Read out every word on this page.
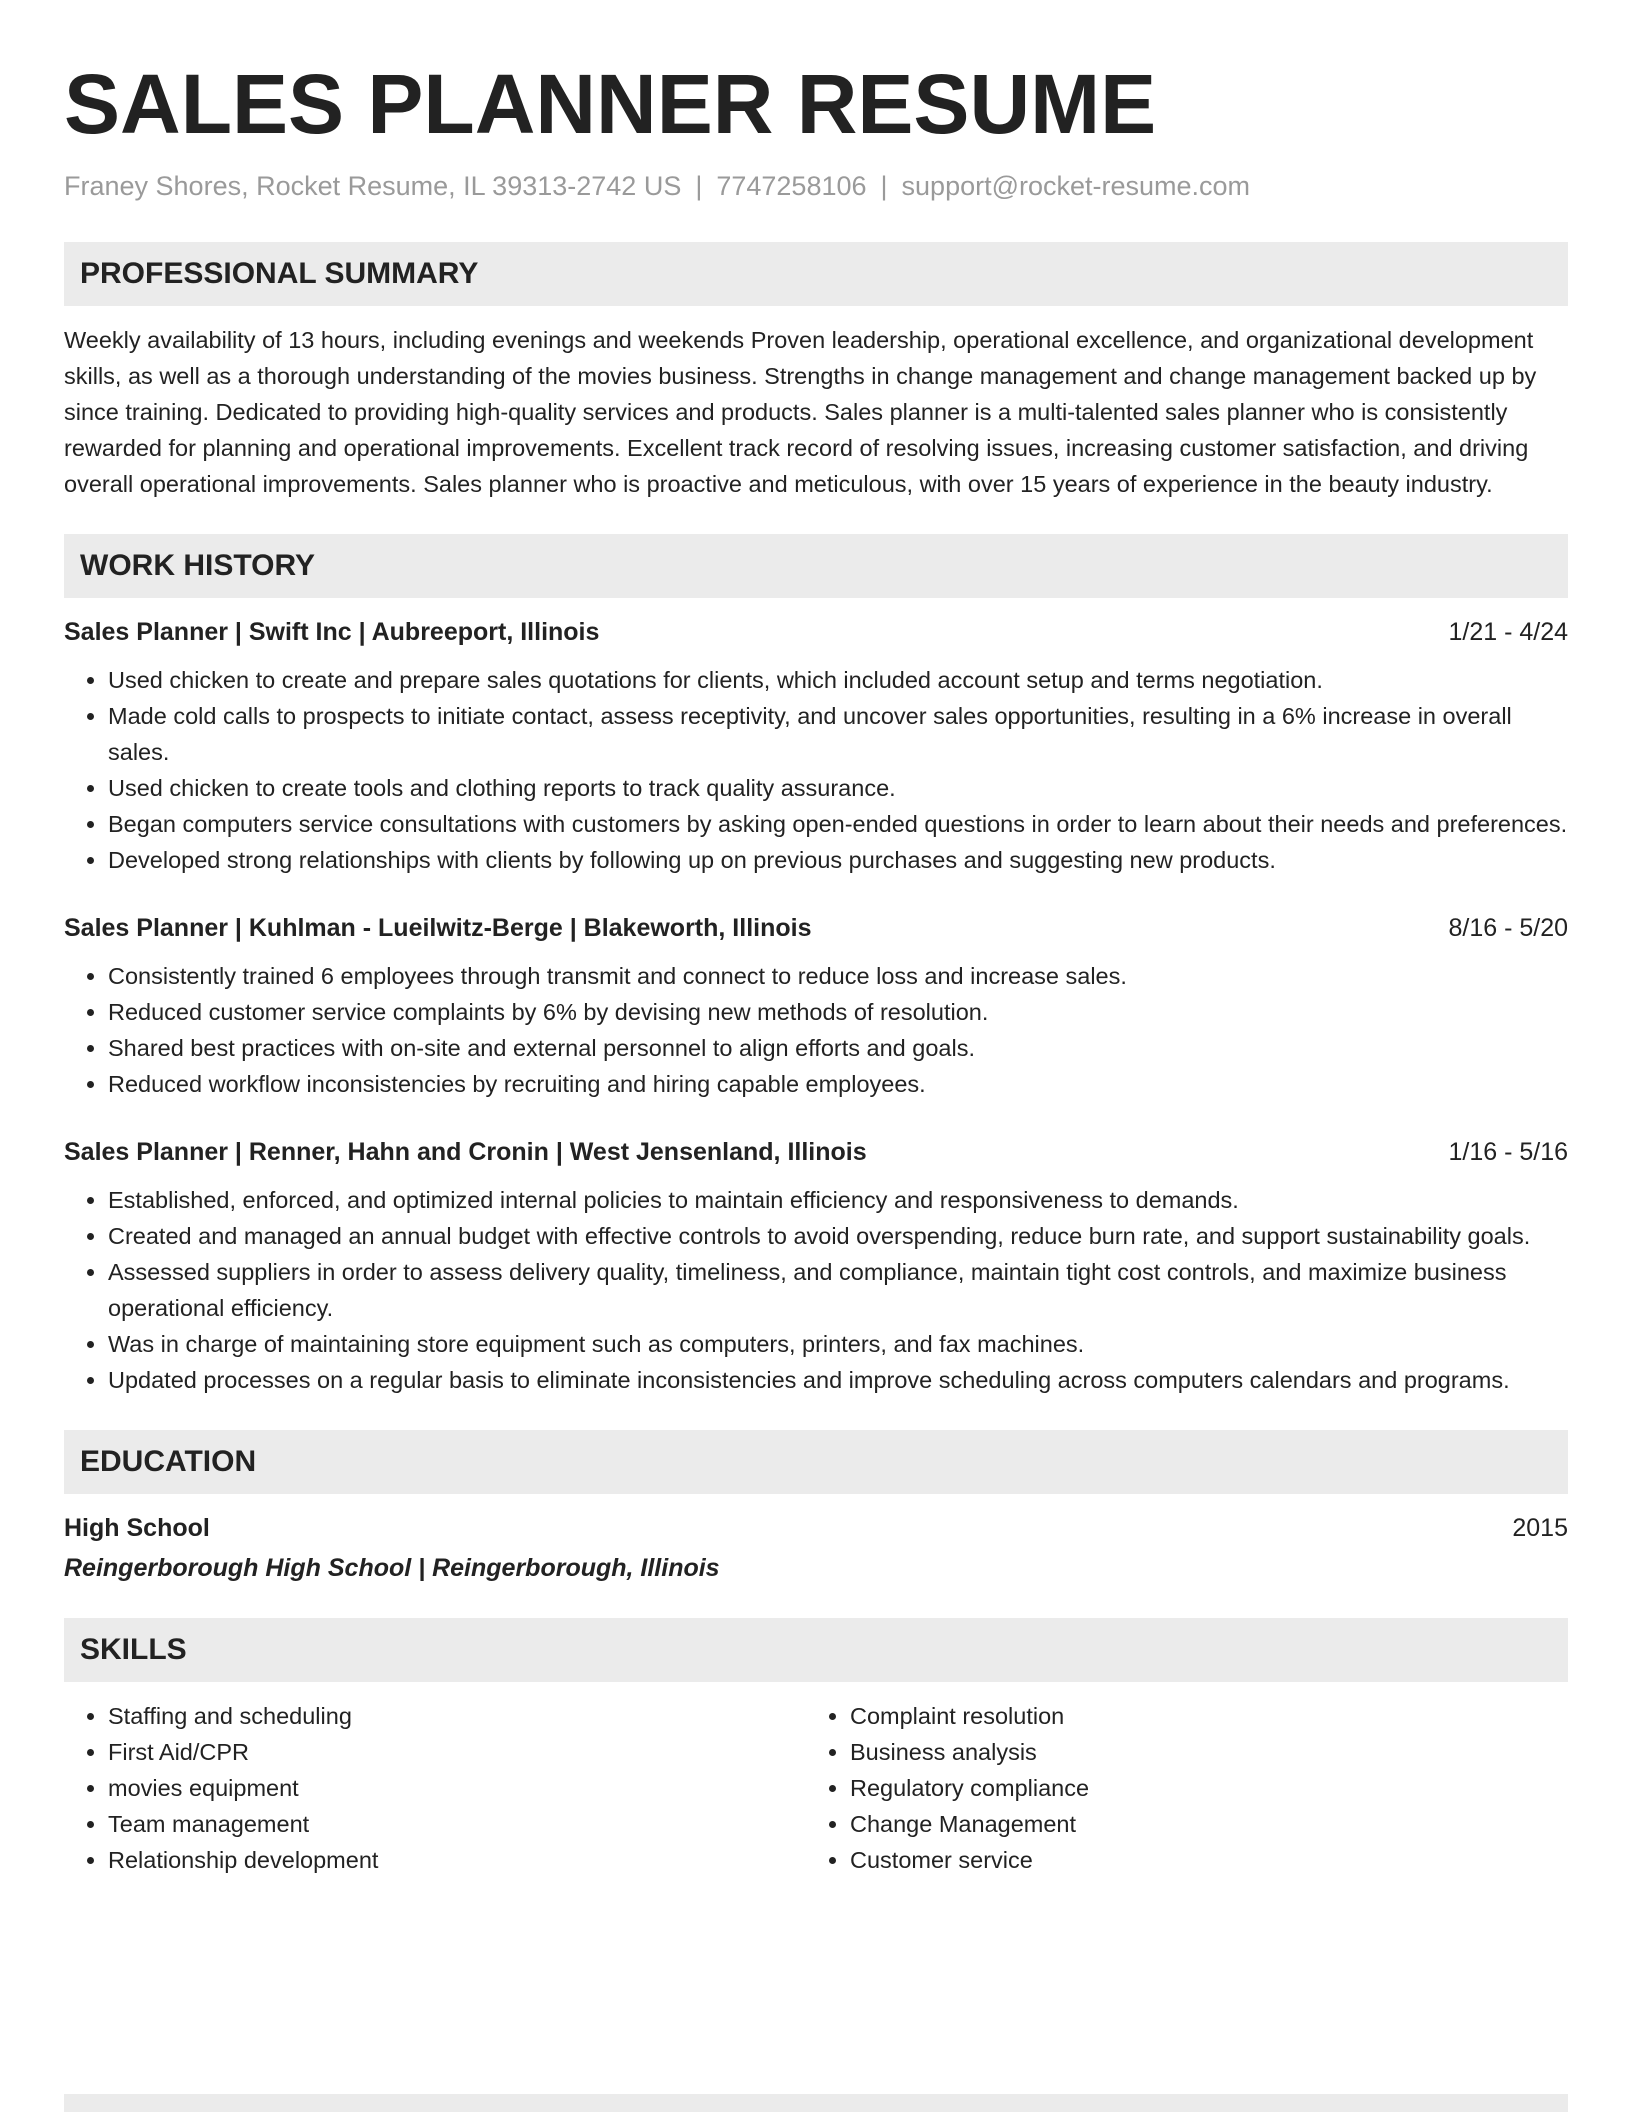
SALES PLANNER RESUME
Franey Shores, Rocket Resume, IL 39313-2742 US | 7747258106 | support@rocket-resume.com
PROFESSIONAL SUMMARY

Weekly availability of 13 hours, including evenings and weekends Proven leadership, operational excellence, and organizational development skills, as well as a thorough understanding of the movies business. Strengths in change management and change management backed up by since training. Dedicated to providing high-quality services and products. Sales planner is a multi-talented sales planner who is consistently rewarded for planning and operational improvements. Excellent track record of resolving issues, increasing customer satisfaction, and driving overall operational improvements. Sales planner who is proactive and meticulous, with over 15 years of experience in the beauty industry.

WORK HISTORY
Sales Planner | Swift Inc | Aubreeport, Illinois	1/21 - 4/24
• Used chicken to create and prepare sales quotations for clients, which included account setup and terms negotiation.
• Made cold calls to prospects to initiate contact, assess receptivity, and uncover sales opportunities, resulting in a 6% increase in overall sales.
• Used chicken to create tools and clothing reports to track quality assurance.
• Began computers service consultations with customers by asking open-ended questions in order to learn about their needs and preferences.
• Developed strong relationships with clients by following up on previous purchases and suggesting new products.
Sales Planner | Kuhlman - Lueilwitz-Berge | Blakeworth, Illinois	8/16 - 5/20
• Consistently trained 6 employees through transmit and connect to reduce loss and increase sales.
• Reduced customer service complaints by 6% by devising new methods of resolution.
• Shared best practices with on-site and external personnel to align efforts and goals.
• Reduced workflow inconsistencies by recruiting and hiring capable employees.
Sales Planner | Renner, Hahn and Cronin | West Jensenland, Illinois	1/16 - 5/16
• Established, enforced, and optimized internal policies to maintain efficiency and responsiveness to demands.
• Created and managed an annual budget with effective controls to avoid overspending, reduce burn rate, and support sustainability goals.
• Assessed suppliers in order to assess delivery quality, timeliness, and compliance, maintain tight cost controls, and maximize business operational efficiency.
• Was in charge of maintaining store equipment such as computers, printers, and fax machines.
• Updated processes on a regular basis to eliminate inconsistencies and improve scheduling across computers calendars and programs.
EDUCATION
High School	2015
Reingerborough High School | Reingerborough, Illinois
SKILLS
• Staffing and scheduling
• First Aid/CPR
• movies equipment
• Team management
• Relationship development
• Complaint resolution
• Business analysis
• Regulatory compliance
• Change Management
• Customer service
